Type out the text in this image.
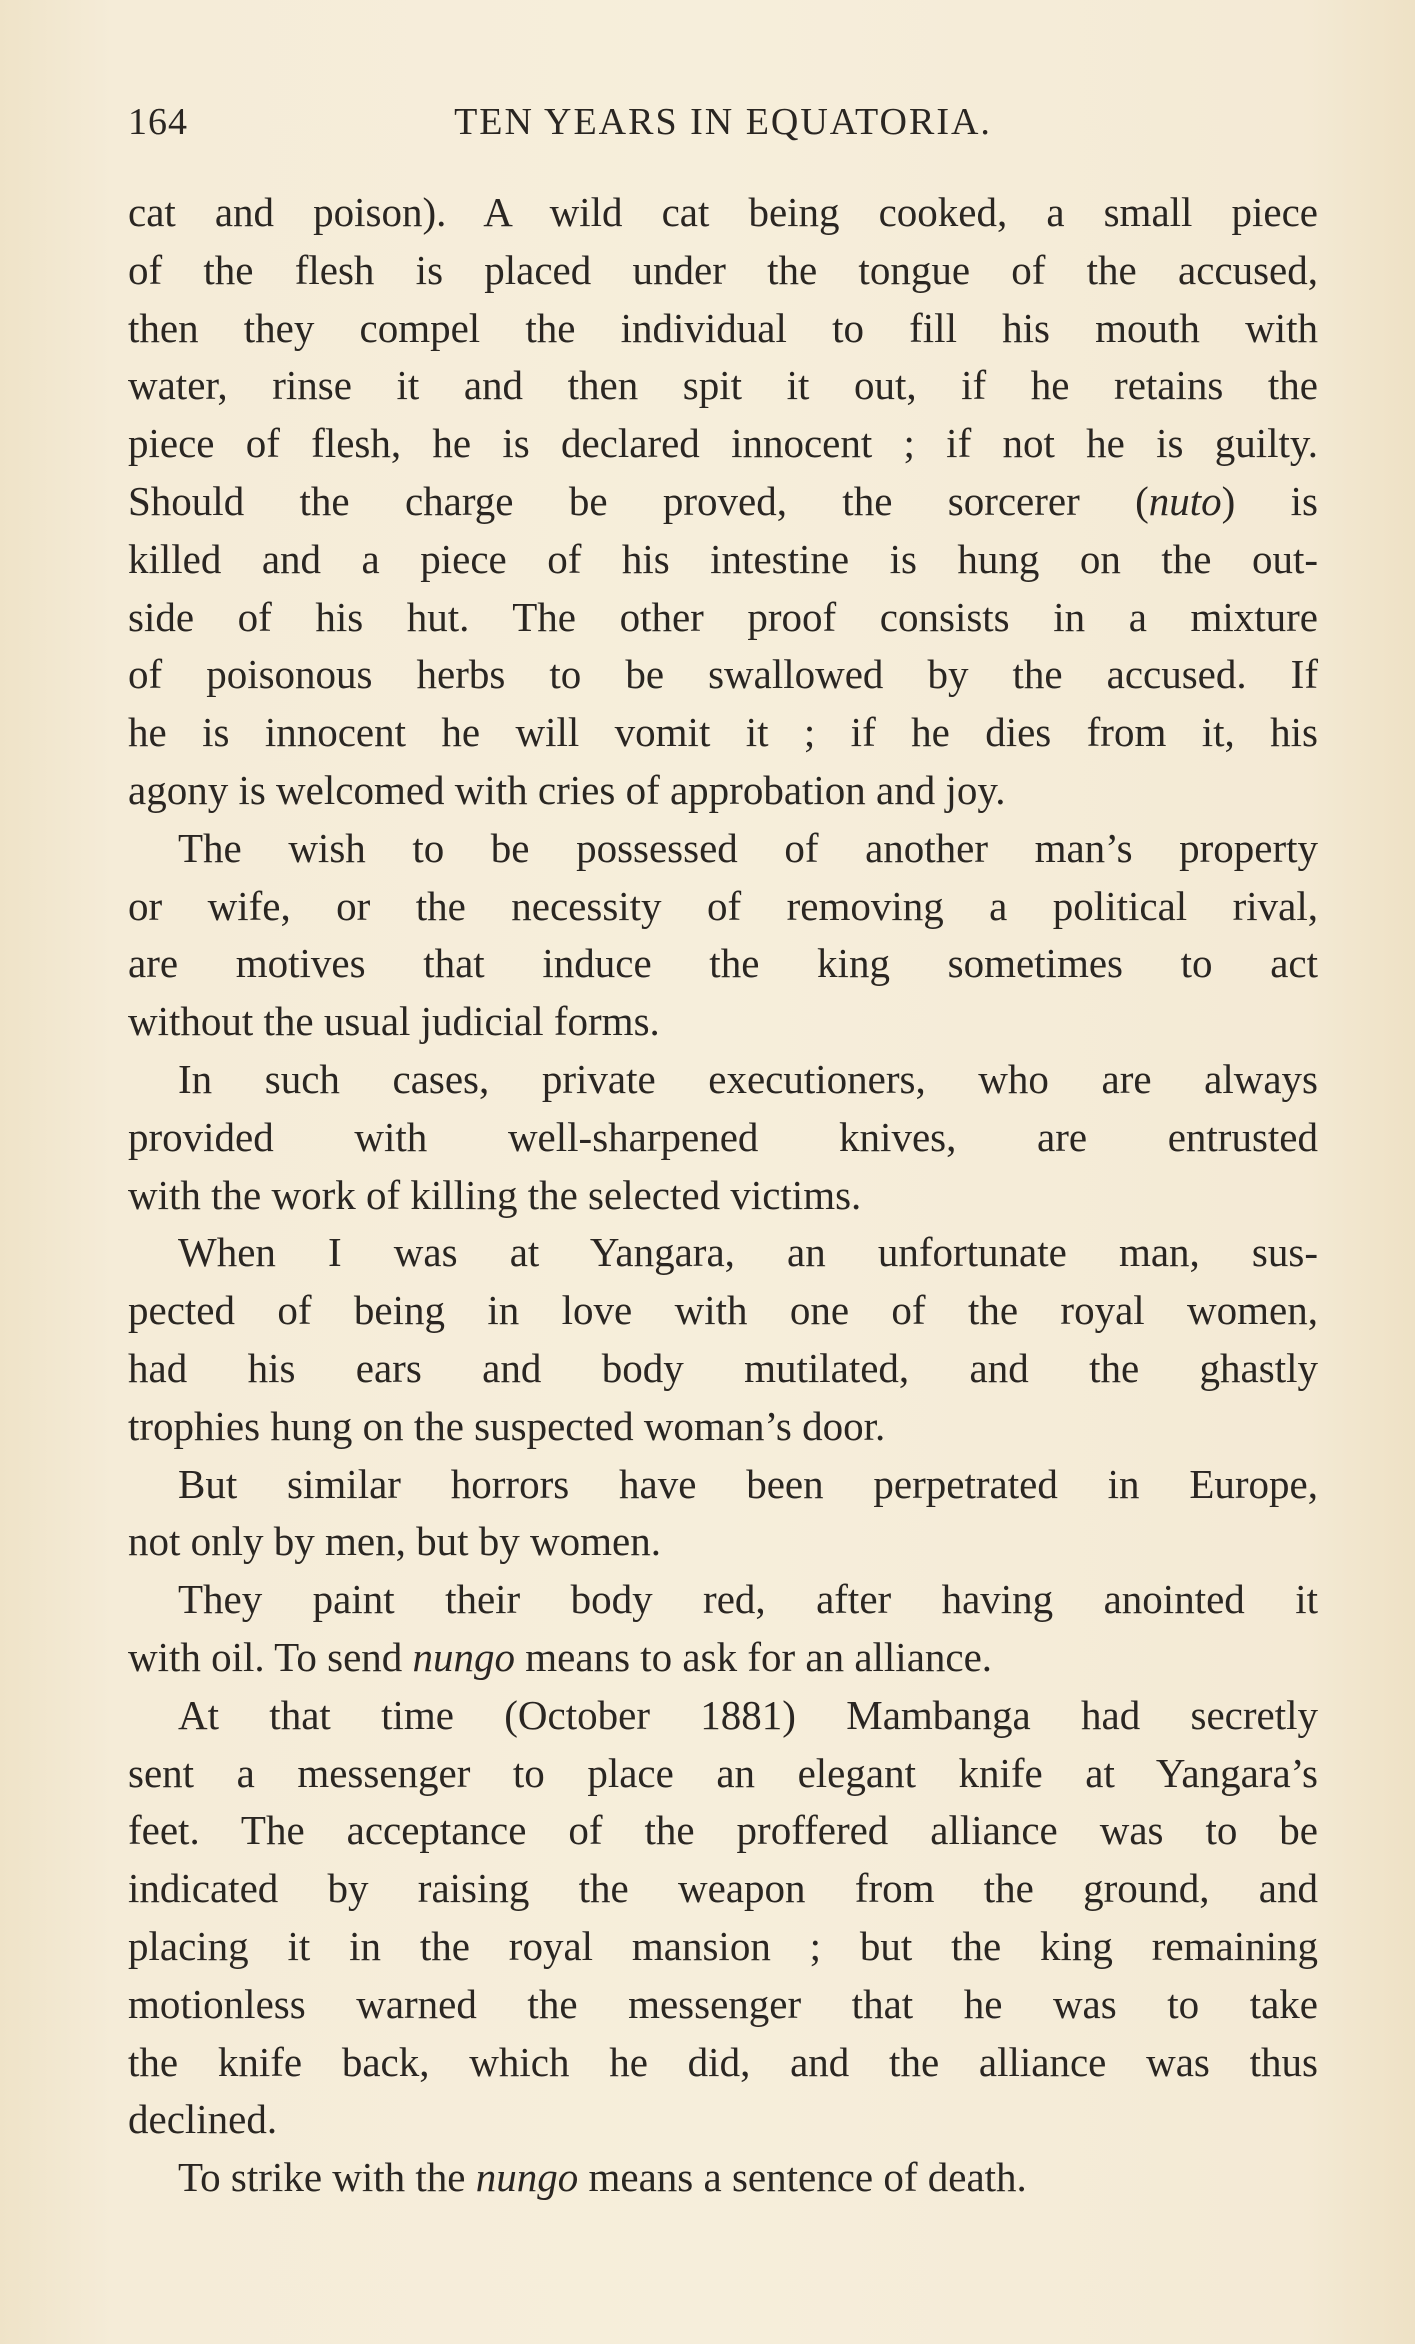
164	TEN YEARS IN EQUATORIA.
cat and poison). A wild cat being cooked, a small piece
of the flesh is placed under the tongue of the accused,
then they compel the individual to fill his mouth with
water, rinse it and then spit it out, if he retains the
piece of flesh, he is declared innocent ; if not he is guilty.
Should the charge be proved, the sorcerer (nuto) is
killed and a piece of his intestine is hung on the out-
side of his hut. The other proof consists in a mixture
of poisonous herbs to be swallowed by the accused. If
he is innocent he will vomit it ; if he dies from it, his
agony is welcomed with cries of approbation and joy.
The wish to be possessed of another man’s property
or wife, or the necessity of removing a political rival,
are motives that induce the king sometimes to act
without the usual judicial forms.
In such cases, private executioners, who are always
provided with well-sharpened knives, are entrusted
with the work of killing the selected victims.
When I was at Yangara, an unfortunate man, sus-
pected of being in love with one of the royal women,
had his ears and body mutilated, and the ghastly
trophies hung on the suspected woman’s door.
But similar horrors have been perpetrated in Europe,
not only by men, but by women.
They paint their body red, after having anointed it
with oil. To send nungo means to ask for an alliance.
At that time (October 1881) Mambanga had secretly
sent a messenger to place an elegant knife at Yangara’s
feet. The acceptance of the proffered alliance was to be
indicated by raising the weapon from the ground, and
placing it in the royal mansion ; but the king remaining
motionless warned the messenger that he was to take
the knife back, which he did, and the alliance was thus
declined.
To strike with the nungo means a sentence of death.
